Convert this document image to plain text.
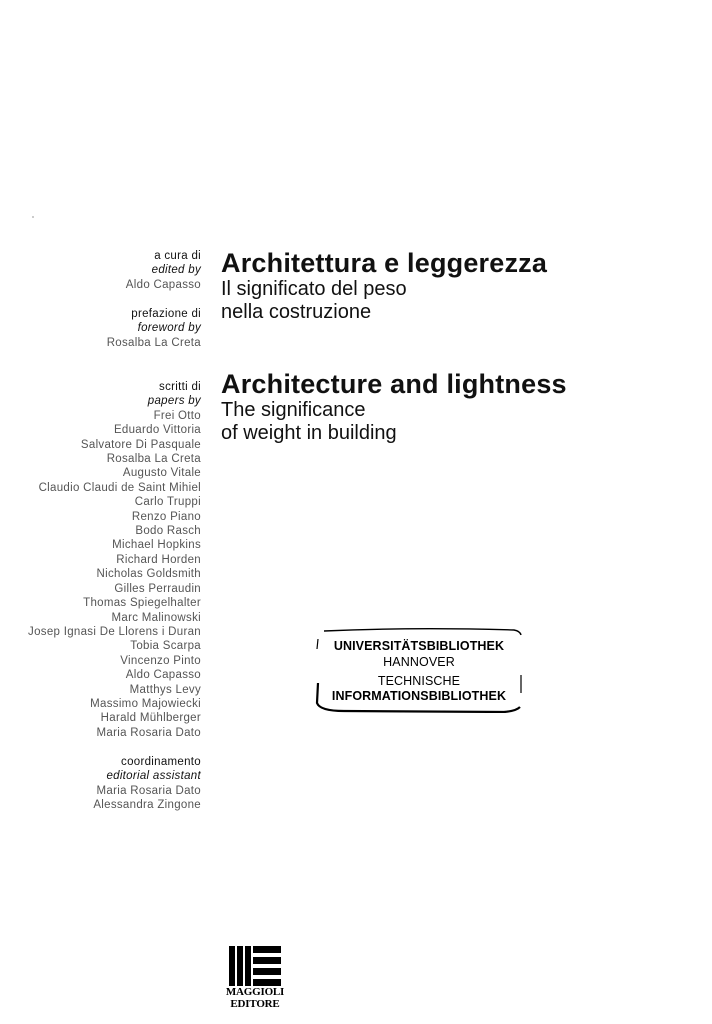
a cura di
edited by
Aldo Capasso
prefazione di
foreword by
Rosalba La Creta
scritti di
papers by
Frei Otto
Eduardo Vittoria
Salvatore Di Pasquale
Rosalba La Creta
Augusto Vitale
Claudio Claudi de Saint Mihiel
Carlo Truppi
Renzo Piano
Bodo Rasch
Michael Hopkins
Richard Horden
Nicholas Goldsmith
Gilles Perraudin
Thomas Spiegelhalter
Marc Malinowski
Josep Ignasi De Llorens i Duran
Tobia Scarpa
Vincenzo Pinto
Aldo Capasso
Matthys Levy
Massimo Majowiecki
Harald Mühlberger
Maria Rosaria Dato
coordinamento
editorial assistant
Maria Rosaria Dato
Alessandra Zingone
Architettura e leggerezza
Il significato del peso
nella costruzione
Architecture and lightness
The significance
of weight in building
UNIVERSITÄTSBIBLIOTHEK
HANNOVER
TECHNISCHE
INFORMATIONSBIBLIOTHEK
MAGGIOLI
EDITORE
